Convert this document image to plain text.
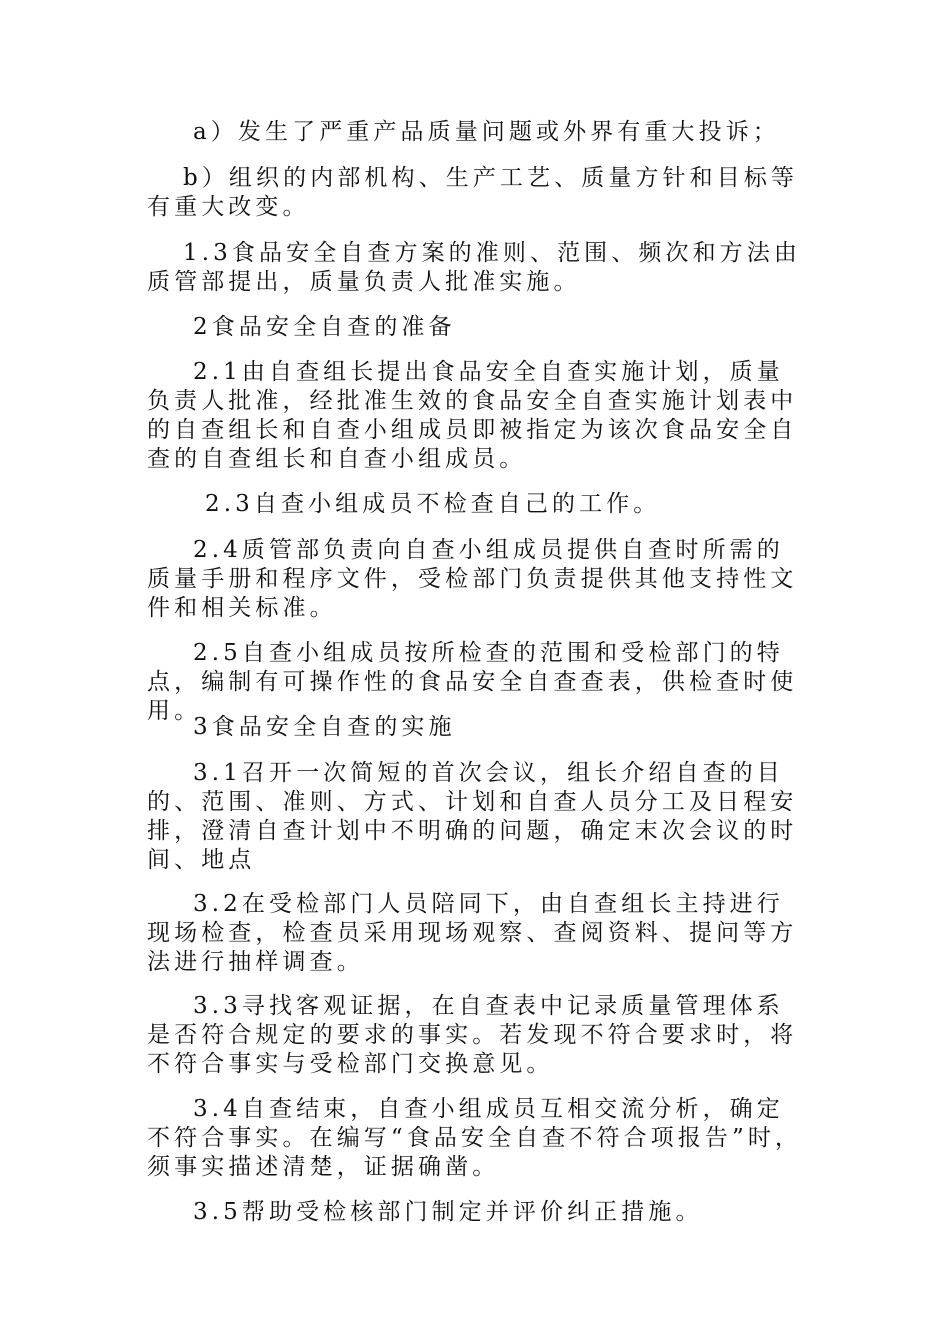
a）发生了严重产品质量问题或外界有重大投诉；

b）组织的内部机构、生产工艺、质量方针和目标等有重大改变。

1.3食品安全自查方案的准则、范围、频次和方法由质管部提出，质量负责人批准实施。

2食品安全自查的准备

2.1由自查组长提出食品安全自查实施计划，质量负责人批准，经批准生效的食品安全自查实施计划表中的自查组长和自查小组成员即被指定为该次食品安全自查的自查组长和自查小组成员。

2.3自查小组成员不检查自己的工作。

2.4质管部负责向自查小组成员提供自查时所需的质量手册和程序文件，受检部门负责提供其他支持性文件和相关标准。

2.5自查小组成员按所检查的范围和受检部门的特点，编制有可操作性的食品安全自查查表，供检查时使用。

3食品安全自查的实施

3.1召开一次简短的首次会议，组长介绍自查的目的、范围、准则、方式、计划和自查人员分工及日程安排，澄清自查计划中不明确的问题，确定末次会议的时间、地点

3.2在受检部门人员陪同下，由自查组长主持进行现场检查，检查员采用现场观察、查阅资料、提问等方法进行抽样调查。

3.3寻找客观证据，在自查表中记录质量管理体系是否符合规定的要求的事实。若发现不符合要求时，将不符合事实与受检部门交换意见。

3.4自查结束，自查小组成员互相交流分析，确定不符合事实。在编写“食品安全自查不符合项报告”时，须事实描述清楚，证据确凿。

3.5帮助受检核部门制定并评价纠正措施。
